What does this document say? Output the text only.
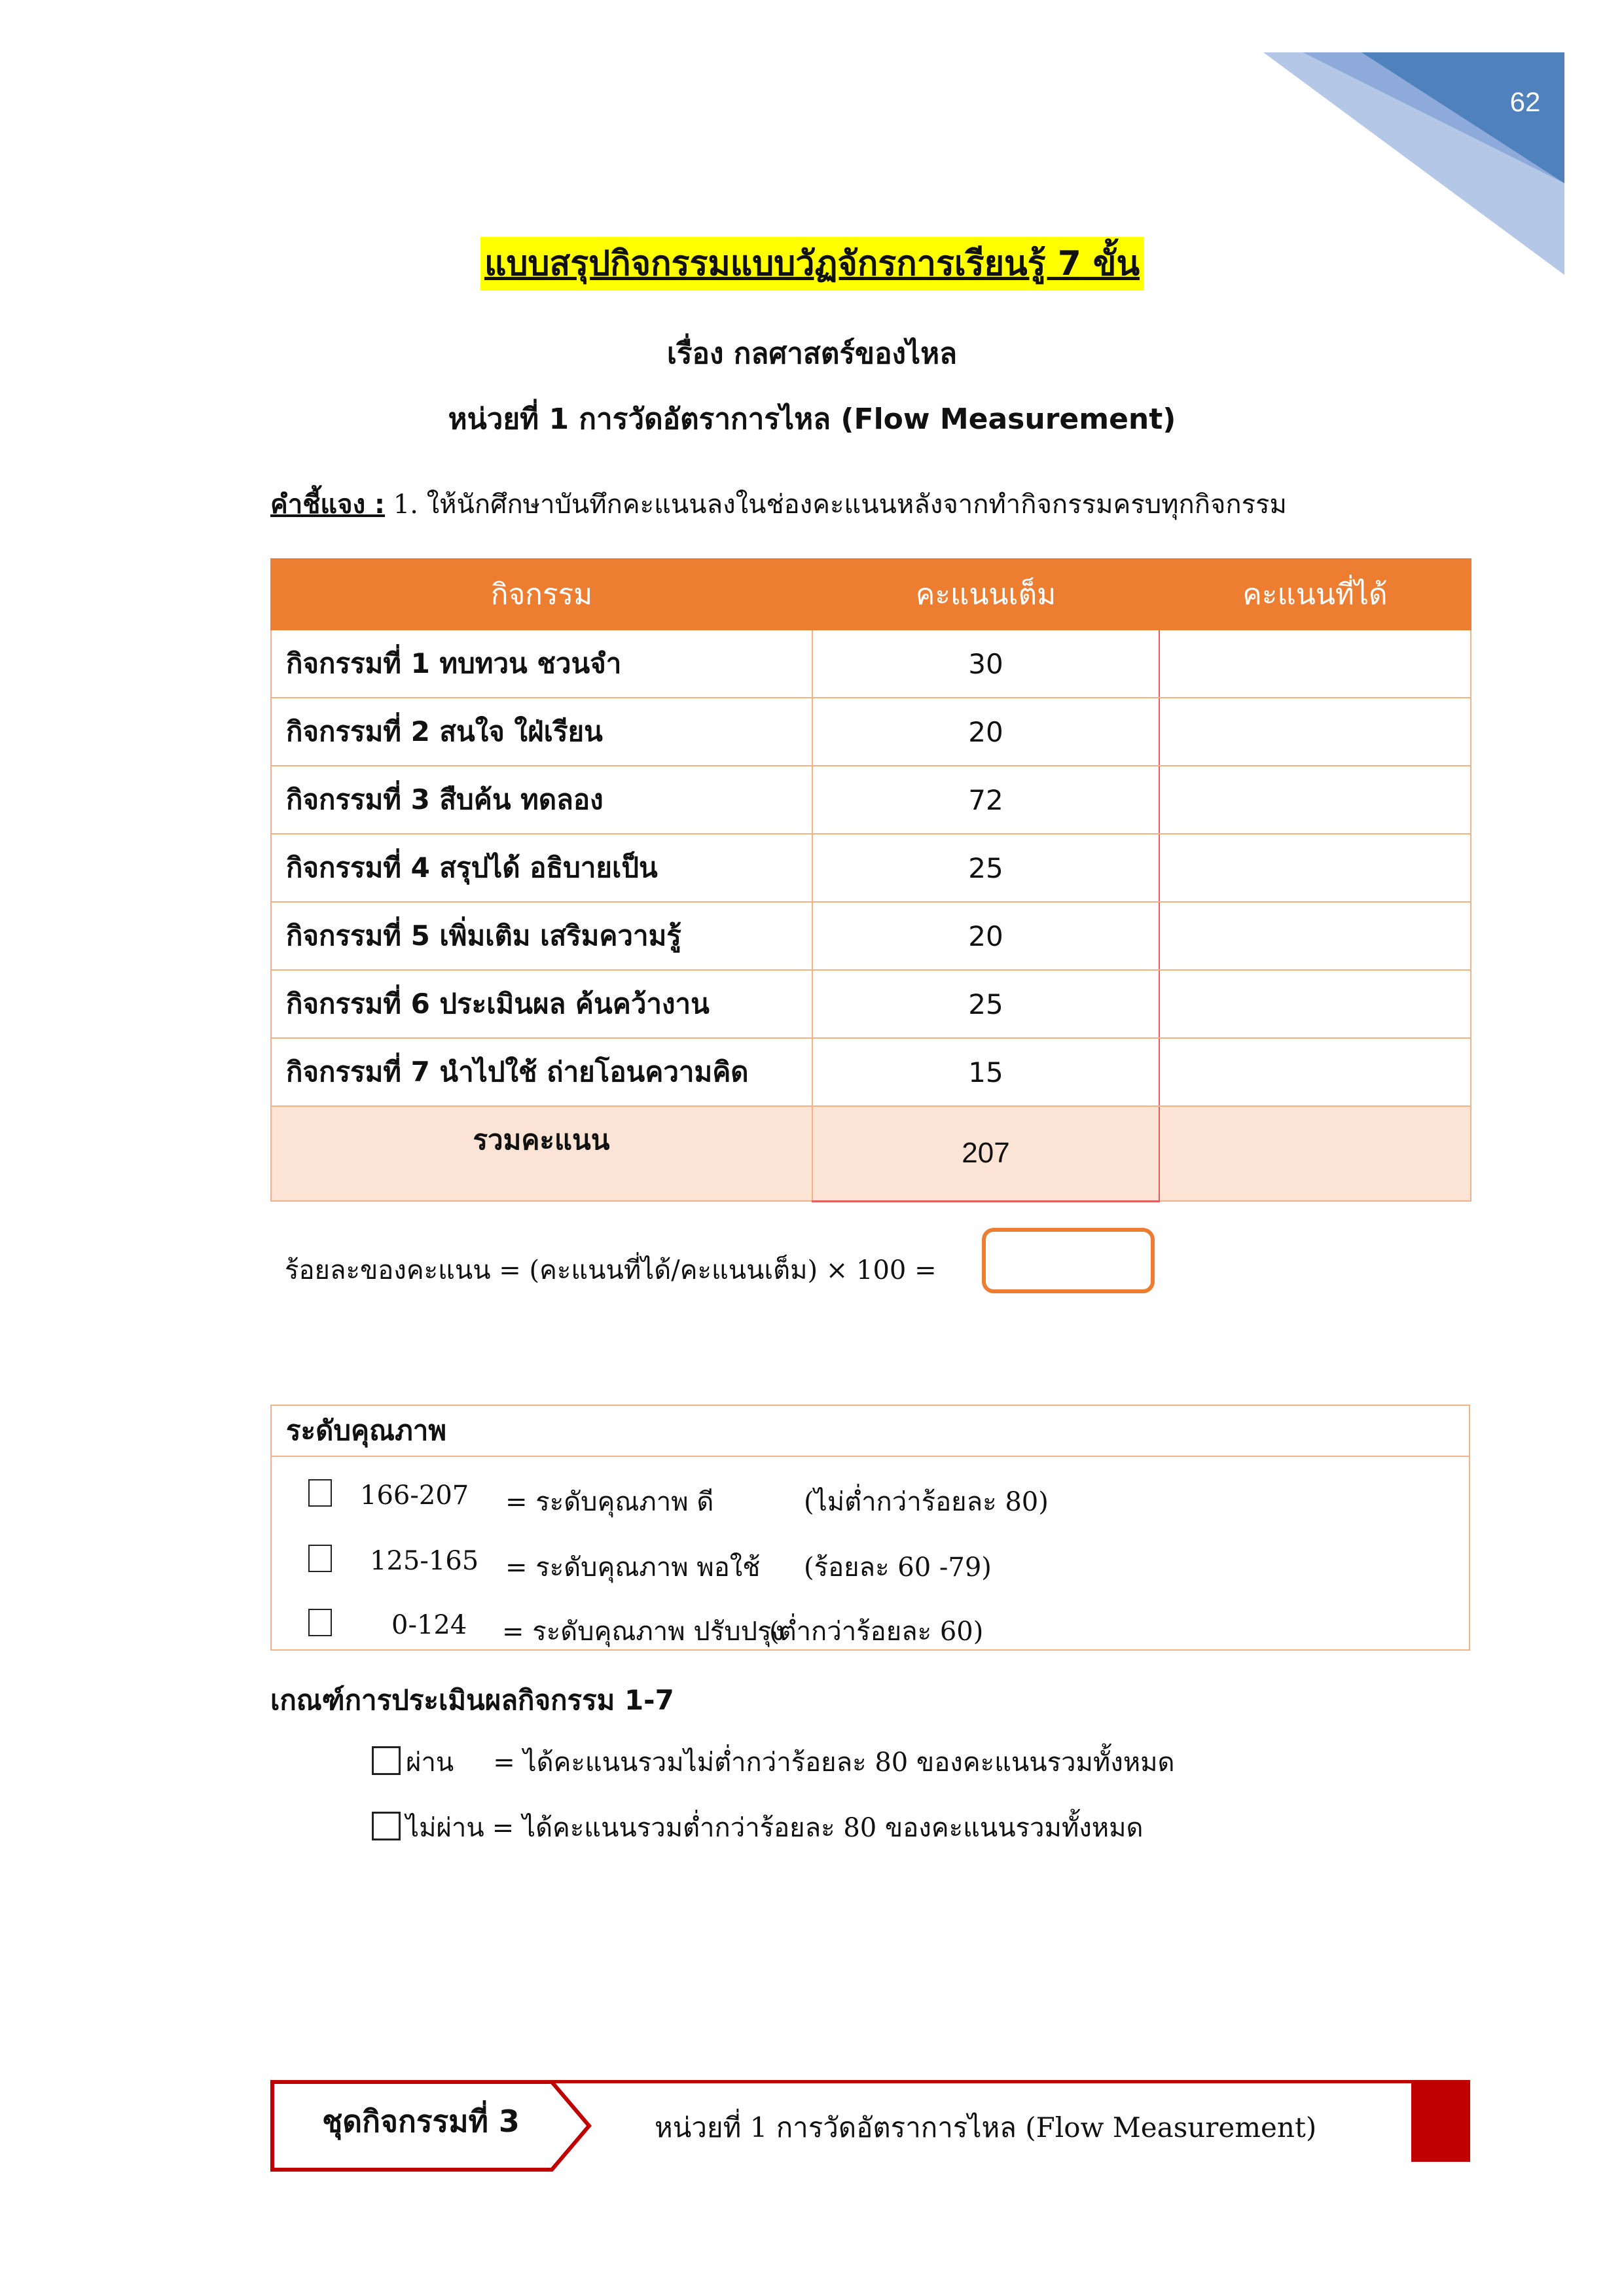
62
แบบสรุปกิจกรรมแบบวัฏจักรการเรียนรู้ 7 ขั้น
เรื่อง กลศาสตร์ของไหล
หน่วยที่ 1 การวัดอัตราการไหล (Flow Measurement)
คำชี้แจง : 1. ให้นักศึกษาบันทึกคะแนนลงในช่องคะแนนหลังจากทำกิจกรรมครบทุกกิจกรรม
กิจกรรม	คะแนนเต็ม	คะแนนที่ได้
กิจกรรมที่ 1 ทบทวน ชวนจำ	30	
กิจกรรมที่ 2 สนใจ ใฝ่เรียน	20	
กิจกรรมที่ 3 สืบค้น ทดลอง	72	
กิจกรรมที่ 4 สรุปได้ อธิบายเป็น	25	
กิจกรรมที่ 5 เพิ่มเติม เสริมความรู้	20	
กิจกรรมที่ 6 ประเมินผล ค้นคว้างาน	25	
กิจกรรมที่ 7 นำไปใช้ ถ่ายโอนความคิด	15	
รวมคะแนน	207	
ร้อยละของคะแนน = (คะแนนที่ได้/คะแนนเต็ม) × 100 =
ระดับคุณภาพ
166-207 = ระดับคุณภาพ ดี	(ไม่ต่ำกว่าร้อยละ 80)
125-165 = ระดับคุณภาพ พอใช้ (ร้อยละ 60 -79)
0-124 = ระดับคุณภาพ ปรับปรุง
(ต่ำกว่าร้อยละ 60)
เกณฑ์การประเมินผลกิจกรรม 1-7
ผ่าน = ได้คะแนนรวมไม่ต่ำกว่าร้อยละ 80 ของคะแนนรวมทั้งหมด
ไม่ผ่าน = ได้คะแนนรวมต่ำกว่าร้อยละ 80 ของคะแนนรวมทั้งหมด
ชุดกิจกรรมที่ 3	หน่วยที่ 1 การวัดอัตราการไหล (Flow Measurement)
